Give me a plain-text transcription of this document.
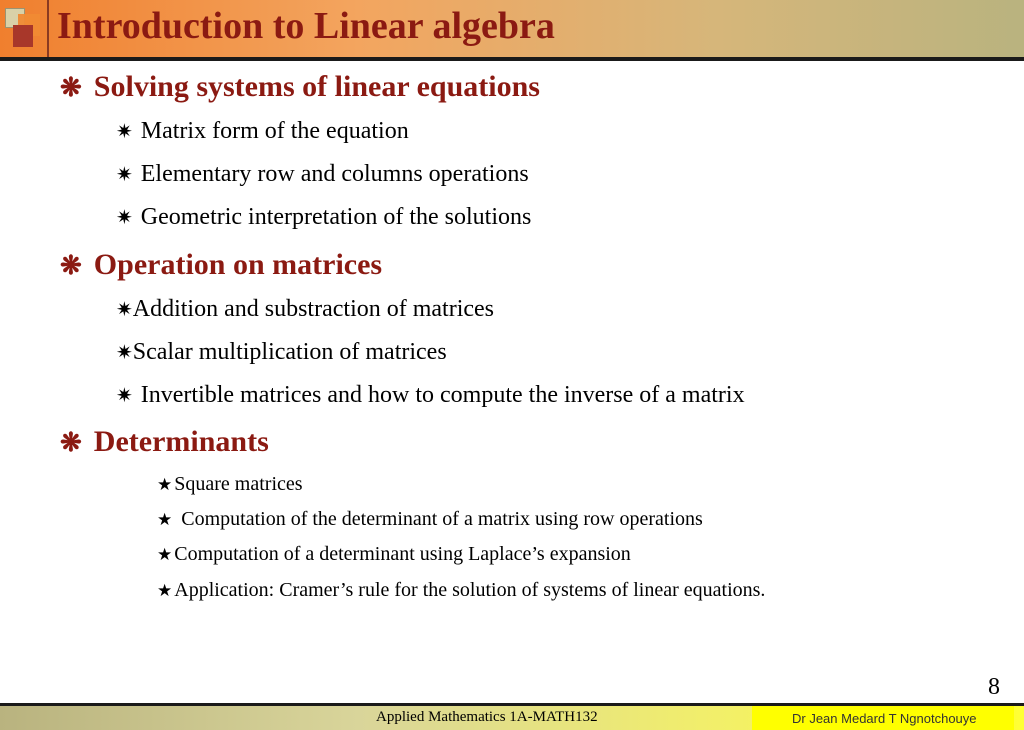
Introduction to Linear algebra
❋ Solving systems of linear equations
✷ Matrix form of the equation
✷ Elementary row and columns operations
✷ Geometric interpretation of the solutions
❋ Operation on matrices
✷ Addition and substraction of matrices
✷ Scalar multiplication of matrices
✷ Invertible matrices and how to compute the inverse of a matrix
❋ Determinants
★ Square matrices
★ Computation of the determinant of a matrix using row operations
★ Computation of a determinant using Laplace’s expansion
★ Application: Cramer’s rule for the solution of systems of linear equations.
8
Applied Mathematics 1A-MATH132	Dr Jean Medard T Ngnotchouye
